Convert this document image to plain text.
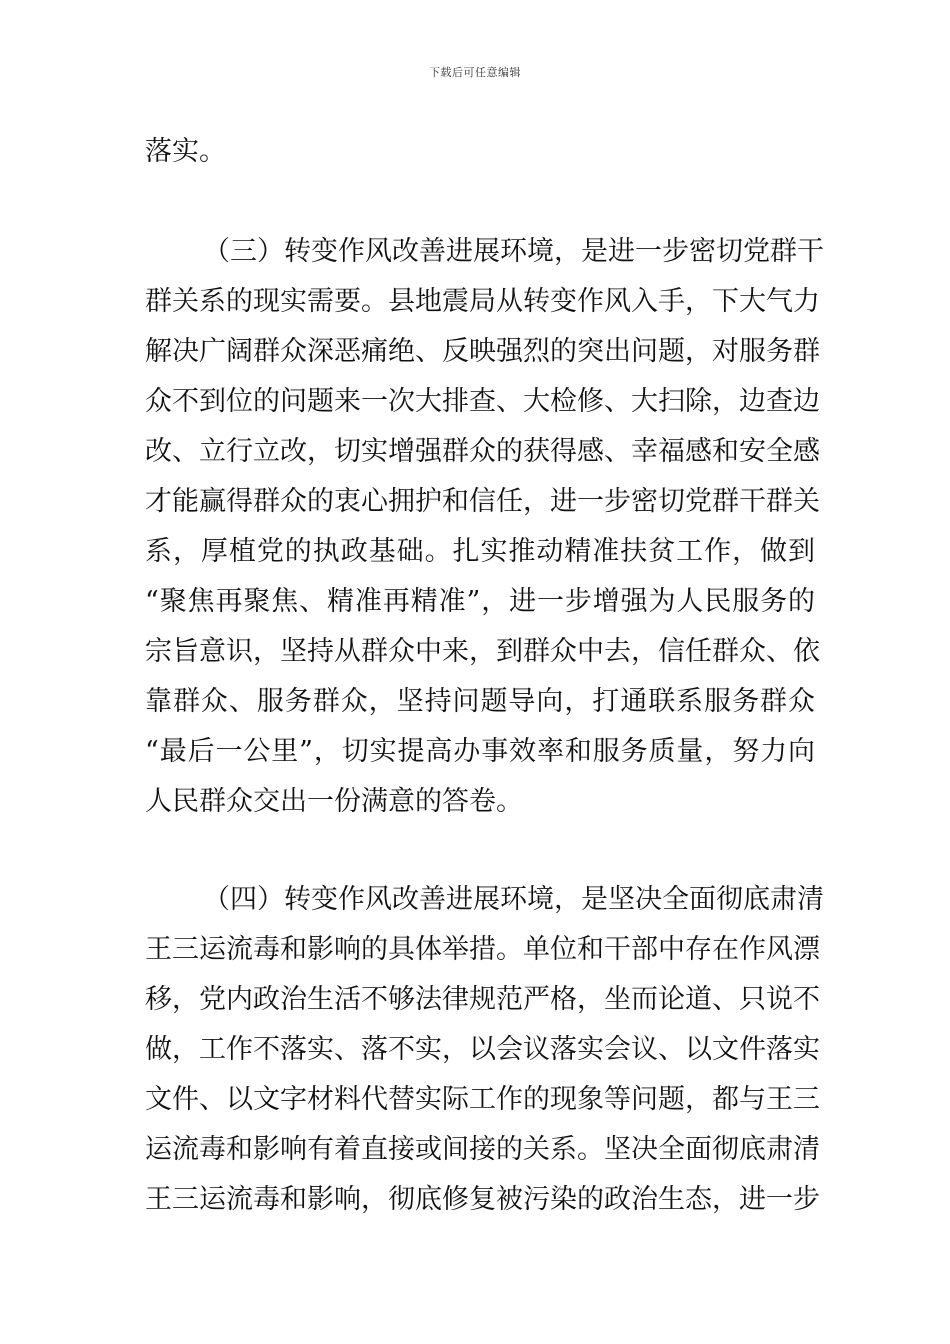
下载后可任意编辑
落实。
（三）转变作风改善进展环境，是进一步密切党群干
群关系的现实需要。县地震局从转变作风入手，下大气力
解决广阔群众深恶痛绝、反映强烈的突出问题，对服务群
众不到位的问题来一次大排查、大检修、大扫除，边查边
改、立行立改，切实增强群众的获得感、幸福感和安全感
才能赢得群众的衷心拥护和信任，进一步密切党群干群关
系，厚植党的执政基础。扎实推动精准扶贫工作，做到
“聚焦再聚焦、精准再精准”，进一步增强为人民服务的
宗旨意识，坚持从群众中来，到群众中去，信任群众、依
靠群众、服务群众，坚持问题导向，打通联系服务群众
“最后一公里”，切实提高办事效率和服务质量，努力向
人民群众交出一份满意的答卷。
（四）转变作风改善进展环境，是坚决全面彻底肃清
王三运流毒和影响的具体举措。单位和干部中存在作风漂
移，党内政治生活不够法律规范严格，坐而论道、只说不
做，工作不落实、落不实，以会议落实会议、以文件落实
文件、以文字材料代替实际工作的现象等问题，都与王三
运流毒和影响有着直接或间接的关系。坚决全面彻底肃清
王三运流毒和影响，彻底修复被污染的政治生态，进一步
